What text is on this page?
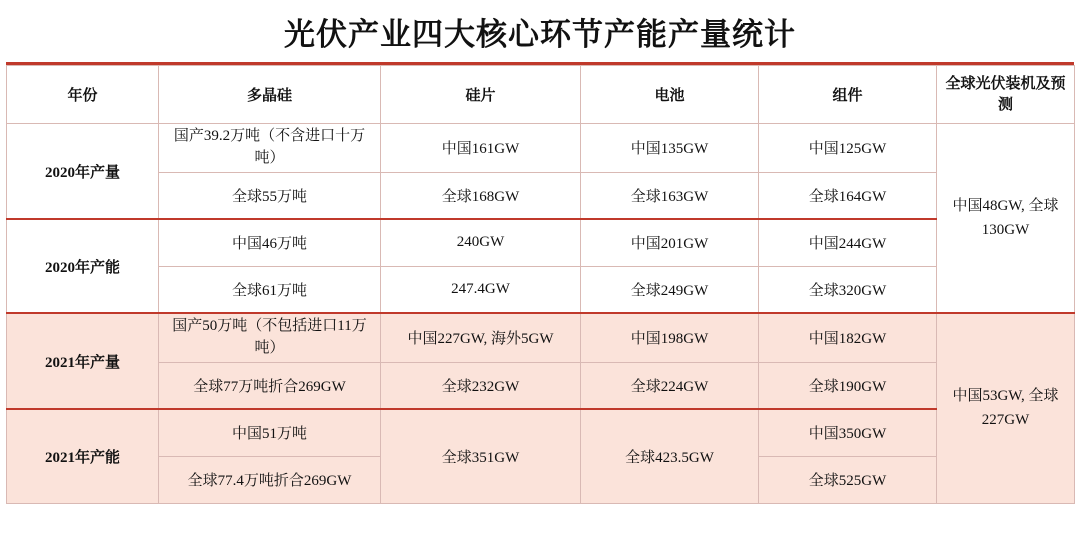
光伏产业四大核心环节产能产量统计
年份	多晶硅	硅片	电池	组件	全球光伏装机及预测
2020年产量	国产39.2万吨（不含进口十万吨）	中国161GW	中国135GW	中国125GW	中国48GW, 全球130GW
	全球55万吨	全球168GW	全球163GW	全球164GW	
2020年产能	中国46万吨	240GW	中国201GW	中国244GW	
	全球61万吨	247.4GW	全球249GW	全球320GW	
2021年产量	国产50万吨（不包括进口11万吨）	中国227GW, 海外5GW	中国198GW	中国182GW	中国53GW, 全球227GW
	全球77万吨折合269GW	全球232GW	全球224GW	全球190GW	
2021年产能	中国51万吨	全球351GW	全球423.5GW	中国350GW	
	全球77.4万吨折合269GW			全球525GW	
